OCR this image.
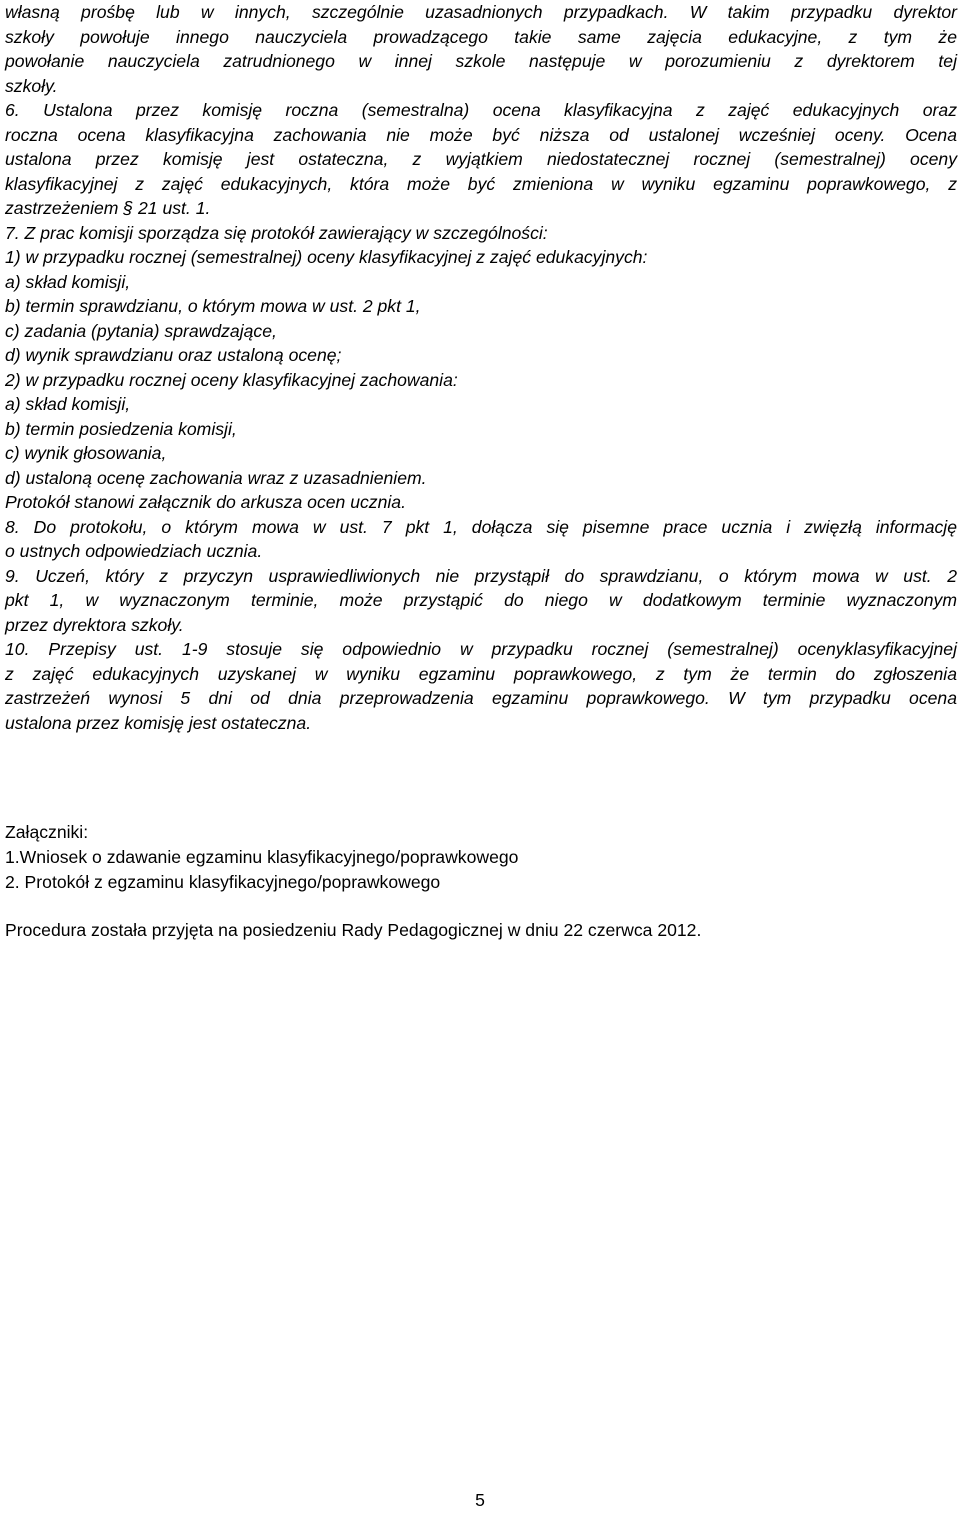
własną prośbę lub w innych, szczególnie uzasadnionych przypadkach. W takim przypadku dyrektor
szkoły powołuje innego nauczyciela prowadzącego takie same zajęcia edukacyjne, z tym że
powołanie nauczyciela zatrudnionego w innej szkole następuje w porozumieniu z dyrektorem tej
szkoły.
6. Ustalona przez komisję roczna (semestralna) ocena klasyfikacyjna z zajęć edukacyjnych oraz
roczna ocena klasyfikacyjna zachowania nie może być niższa od ustalonej wcześniej oceny. Ocena
ustalona przez komisję jest ostateczna, z wyjątkiem niedostatecznej rocznej (semestralnej) oceny
klasyfikacyjnej z zajęć edukacyjnych, która może być zmieniona w wyniku egzaminu poprawkowego, z
zastrzeżeniem § 21 ust. 1.
7. Z prac komisji sporządza się protokół zawierający w szczególności:
1) w przypadku rocznej (semestralnej) oceny klasyfikacyjnej z zajęć edukacyjnych:
a) skład komisji,
b) termin sprawdzianu, o którym mowa w ust. 2 pkt 1,
c) zadania (pytania) sprawdzające,
d) wynik sprawdzianu oraz ustaloną ocenę;
2) w przypadku rocznej oceny klasyfikacyjnej zachowania:
a) skład komisji,
b) termin posiedzenia komisji,
c) wynik głosowania,
d) ustaloną ocenę zachowania wraz z uzasadnieniem.
Protokół stanowi załącznik do arkusza ocen ucznia.
8. Do protokołu, o którym mowa w ust. 7 pkt 1, dołącza się pisemne prace ucznia i zwięzłą informację
o ustnych odpowiedziach ucznia.
9. Uczeń, który z przyczyn usprawiedliwionych nie przystąpił do sprawdzianu, o którym mowa w ust. 2
pkt 1, w wyznaczonym terminie, może przystąpić do niego w dodatkowym terminie wyznaczonym
przez dyrektora szkoły.
10. Przepisy ust. 1-9 stosuje się odpowiednio w przypadku rocznej (semestralnej) ocenyklasyfikacyjnej
z zajęć edukacyjnych uzyskanej w wyniku egzaminu poprawkowego, z tym że termin do zgłoszenia
zastrzeżeń wynosi 5 dni od dnia przeprowadzenia egzaminu poprawkowego. W tym przypadku ocena
ustalona przez komisję jest ostateczna.
Załączniki:
1.Wniosek o zdawanie egzaminu klasyfikacyjnego/poprawkowego
2. Protokół z egzaminu klasyfikacyjnego/poprawkowego
Procedura została przyjęta na posiedzeniu Rady Pedagogicznej w dniu 22 czerwca 2012.
5
